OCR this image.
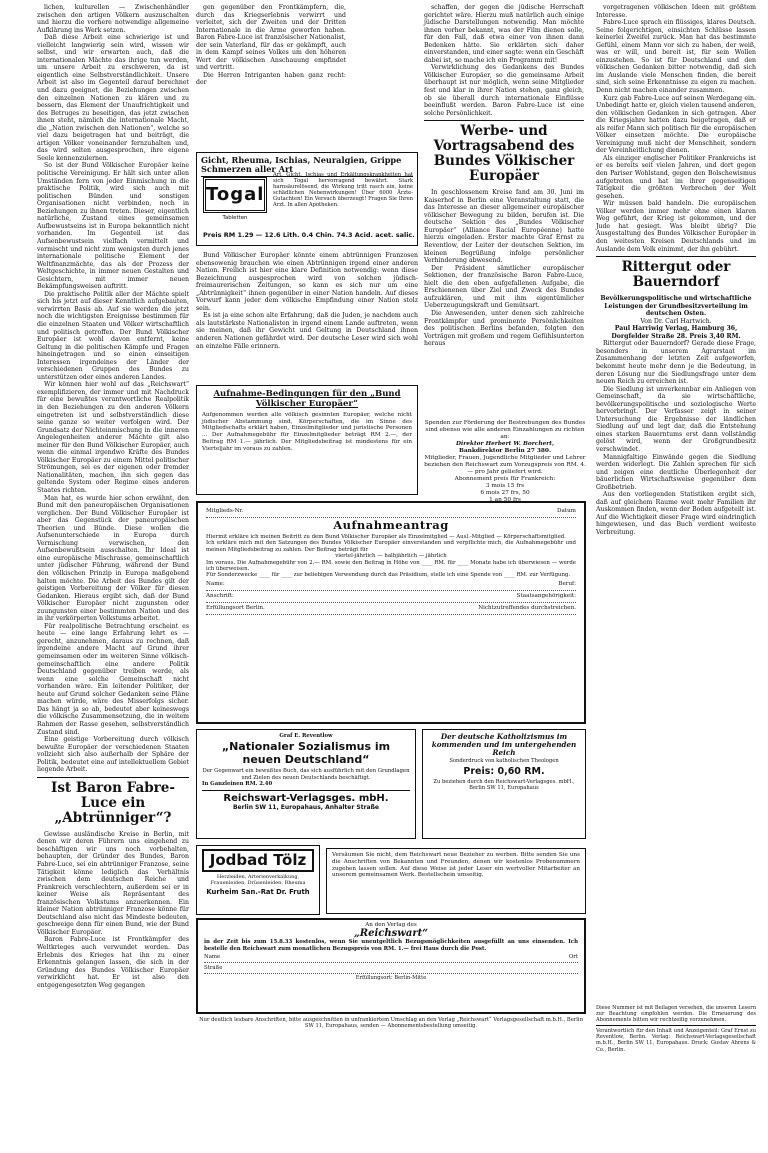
lichen, kulturellen — Zwischenhändler zwischen den artigen Völkern auszuschalten und hierzu die vorhere notwendige allgemeine Aufklärung ins Werk setzen.

Daß diese Arbeit eine schwierige ist und vielleicht langwierig sein wird, wissen wir selbst, und wir erwarten auch, daß die internationalen Mächte das ihrige tun werden, um unsere Arbeit zu erschweren, da ist eigentlich eine Selbstverständlichkeit. Unsere Arbeit ist also im Gegenteil darauf berechnet und dazu geeignet, die Beziehungen zwischen den einzelnen Nationen zu klären und zu bessern, das Element der Unaufrichtigkeit und des Betruges zu beseitigen, das jetzt zwischen ihnen steht, nämlich die internationale Macht, die „Nation zwischen den Nationen“, welche so viel dazu beigetragen hat und beiträgt, die artigen Völker voneinander fernzuhalten und, das wird selten ausgesprochen, ihre eigene Seele kennenzulernen.

So ist der Bund Völkischer Europäer keine politische Vereinigung. Er hält sich unter allen Umständen fern von jeder Einmischung in die praktische Politik, wird sich auch mit politischen Bünden und sonstigen Organisationen nicht verbinden, noch in Beziehungen zu ihnen treten. Dieser, eigentlich natürliche, Zustand eines gemeinsamen Aufbewustseins ist in Europa bekanntlich nicht vorhanden. Im Gegenteil ist das Aufsenbewustsein vielfach vermittelt und vermischt und nicht zum wenigsten durch jenes internationale politische Element der Weltfinanzmächte, das als der Prozess der Weltgeschichte, in immer neuen Gestalten und Gesichtern, mit immer neuen Bekämpfungsweisen auftritt.

Die praktische Politik aller der Mächte spielt sich bis jetzt auf dieser Kenntlich aufgebauten, verwirrten Basis ab. Auf sie werden die jetzt noch die wichtigsten Ereignisse bestimmen für die einzelnen Staaten und Völker wirtschaftlich und politisch getroffen. Der Bund Völkischer Europäer ist wohl davon entfernt, keine Geltung in die politischen Kämpfe und Fragen hineingetragen und so einen einseitigen Interessen irgendeines der Länder der verschiedenen Gruppen des Bundes zu unterstützen oder eines anderen Landes.

Wir können hier wohl auf das „Reichswart“ exemplifizieren, der immer und mit Nachdruck für eine bewußtes verantwortliche Realpolitik in den Beziehungen zu den anderen Völkern eingetreten ist und selbstverständlich diese seine ganze so weiter verfolgen wird. Der Grundsatz der Nichteinmischung in die inneren Angelegenheiten anderer Mächte gilt also meiner für den Bund Völkischer Europäer, auch wenn die einmal irgendwo Kräfte des Bundes Völkischer Europäer zu einem Mittel politischer Strömungen, sei es der eigenen oder fremder Nationalitäten, machen, ihn sich gegen das geltende System oder Regime eines anderen Staates richten.

Man hat, es wurde hier schon erwähnt, den Bund mit den paneuropäischen Organisationen verglichen. Der Bund Völkischer Europäer ist aber das Gegenstück der paneuropäischen Theorien und Bünde. Diese wollen die Aufsenunterschiede in Europa durch Vermischung verwischen, den Aufsenbewußtsein ausschalten. Ihr Ideal ist eine europäische Mischrasse, gemeinschaftlich unter jüdischer Führung, während der Bund den völkischen Prinzip in Europa maßgebend halten möchte. Die Arbeit des Bundes gilt der geistigen Vorbereitung der Völker für diesen Gedanken. Hieraus ergibt sich, daß der Bund Völkischer Europäer nicht zugunsten oder zuungunsten einer bestimmten Nation und des in ihr verkörperten Volkstums arbeitet.

Für realpolitische Betrachtung erscheint es heute — eine lange Erfahrung lehrt es — gerecht, anzunehmen, daraus zu rechnen, daß irgendeine andere Macht auf Grund ihrer gemeinsamen oder im weiteren Sinne völkisch-gemeinschaftlich eine andere Politik Deutschland gegenüber treiben werde, als wenn eine solche Gemeinschaft nicht vorhanden wäre. Ein leitender Politiker, der heute auf Grund solcher Gedanken seine Pläne machen würde, wäre des Misserfolgs sicher. Das hängt ja so ab, bedeutet aber keineswegs die völkische Zusammensetzung, die in weitem Rahmen der Rasse gesehen, selbstverständlich Zustand sind.

Eine geistige Vorbereitung durch völkisch bewußte Europäer der verschiedenen Staaten vollzieht sich also außerhalb der Sphäre der Politik, bedeutet eine auf intellektuellem Gebiet liegende Arbeit.

Ist Baron Fabre-Luce ein „Abtrünniger“?

Gewisse ausländische Kreise in Berlin, mit denen wir deren Führern uns eingehend zu beschäftigen wir uns noch vorbehalten, behaupten, der Gründer des Bundes, Baron Fabre-Luce, sei ein abtrünniger Franzose, seine Tätigkeit könne lediglich das Verhältnis zwischen dem deutschen Reiche und Frankreich verschlechtern, außerdem sei er in keiner Weise als Repräsentant des französischen Volkstums anzuerkennen. Ein kleiner Nation abtrünniger Franzose könne für Deutschland also nicht das Mindeste bedeuten, geschweige denn für einen Bund, wie der Bund Völkischer Europäer.

Baron Fabre-Luce ist Frontkämpfer des Weltkrieges auch verwundet worden. Das Erlebnis des Krieges hat ihn zu einer Erkenntnis gelangen lassen, die sich in der Gründung des Bundes Völkischer Europäer verwirklicht hat. Er ist also den entgegengesetzten Weg gegangen

gen gegenüber den Frontkämpfern, die, durch das Kriegserlebnis verwirrt und verleitet, sich der Zweiten und der Dritten Internationale in die Arme geworfen haben. Baron Fabre-Luce ist französischer Nationalist, der sein Vaterland, für das er gekämpft, auch in dem Kampf seines Volkes um den höheren Wert der völkischen Anschauung empfindet und vertritt.

Die Herren Intriganten haben ganz recht: der

Gicht, Rheuma, Ischias, Neuralgien, Grippe Schmerzen aller Art
Togal
Tabletten
Art, Gicht, Ischias und Erkältungskrankheiten hat sich Togal hervorragend bewährt. Stark harnsäurelösend, die Wirkung tritt rasch ein, keine schädlichen Nebenwirkungen! Über 6000 Ärzte-Gutachten! Ein Versuch überzeugt! Fragen Sie Ihren Arzt. In allen Apotheken.
Preis RM 1.29 — 12.6 Lith. 0.4 Chin. 74.3 Acid. acet. salic.

Bund Völkischer Europäer könnte einem abtrünnigen Franzosen ebensowenig brauchen wie einen Abtrünnigen irgend einer anderen Nation. Freilich ist hier eine klare Definition notwendig: wenn diese Bezeichnung ausgesprochen wird von solchen jüdisch-freimaurerischen Zeitungen, so kann es sich nur um eine „Abtrünnigkeit“ ihnen gegenüber in einer Nation handeln. Auf dieses Vorwurf kann jeder dem völkische Empfindung einer Nation stolz sein.

Es ist ja eine schon alte Erfahrung, daß die Juden, je nachdem auch als lautstärkste Nationalisten in irgend einem Lande auftreten, wenn sie meinen, daß ihr Gewicht und Geltung in Deutschland ihnen anderen Nationen gefährdet wird. Der deutsche Leser wird sich wohl an einzelne Fälle erinnern.

Aufnahme-Bedingungen für den „Bund Völkischer Europäer“
Aufgenommen werden alle völkisch gesinnten Europäer, welche nicht jüdischer Abstammung sind, Körperschaften, die im Sinne des Mitgliedschafts erklärt haben, Einzelmitglieder und juristische Personen ... Der Aufnahmegebühr für Einzelmitglieder beträgt RM 2.—, der Beitrag RM 1.— jährlich. Der Mitgliedsbeitrag ist mindestens für ein Vierteljahr im voraus zu zahlen.

schaffen, der gegen die jüdische Herrschaft gerichtet wäre. Hierzu muß natürlich auch einige jüdische Darstellungen notwendig. Man möchte ihnen vorher bekannt, was der Film dienen solle, für den Fall, daß etwa einer von ihnen dann Bedenken hätte. Sie erklärten sich daher einverstanden, und einer sagte: wenn ein Geschäft dabei ist, so mache ich ein Programm mit!

Verwirklichung des Gedankens des Bundes Völkischer Europäer, so die gemeinsame Arbeit überhaupt ist nur möglich, wenn seine Mitglieder fest und klar in ihrer Nation stehen, ganz gleich, ob sie überall durch internationale Einflüsse beeinflußt werden. Baron Fabre-Luce ist eine solche Persönlichkeit.

Werbe- und Vortragsabend des Bundes Völkischer Europäer

In geschlossenem Kreise fand am 30. Juni im Kaiserhof in Berlin eine Veranstaltung statt, die das Interesse an dieser allgemeiner europäischer völkischer Bewegung zu bilden, berufen ist. Die deutsche Sektion des „Bundes Völkischer Europäer“ (Alliance Racial Européenne) hatte hierzu eingeladen. Erster machte Graf Ernst zu Reventlow, der Leiter der deutschen Sektion, im kleinen Begrüßung infolge persönlicher Verhinderung abwesend.

Der Präsident sämtlicher europäischer Sektionen, der französische Baron Fabre-Luce, hielt die den eben aufgefallenen Aufgabe, die Erschienenen über Ziel und Zweck des Bundes aufzuklären, und mit ihm eigentümlicher Ueberzeugungskraft und Gemütsart.

Die Anwesenden, unter denen sich zahlreiche Frontkämpfer und prominente Persönlichkeiten des politischen Berlins befanden, folgten den Vorträgen mit großem und regem Gefühlsunterton heraus

Spenden zur Förderung der Bestrebungen des Bundes sind ebenso wie alle anderen Einzahlungen zu richten an:
Direktor Herbert W. Borchert,
Bankdirektor Berlin 27 380.
Mitglieder, Frauen, Jugendliche Mitglieder und Lehrer beziehen den Reichswart zum Vorzugspreis von RM. 4.— pro Jahr geliefert wird.
Abonnement preis für Frankreich:
3 mois 15 frs
6 mois 27 frs, 50
1 an 50 frs
Mitglieds-Nr.	Datum
Aufnahmeantrag
Hiermit erkläre ich meinen Beitritt zu dem Bund Völkischer Europäer als Einzelmitglied — Ausl.-Mitglied — Körperschaftsmitglied.
Ich erkläre mich mit den Satzungen des Bundes Völkischer Europäer einverstanden und verpflichte mich, die Aufnahmegebühr und meinen Mitgliedsbeitrag zu zahlen. Der Beitrag beträgt für
viertel-jährlich — halbjährlich — jährlich
Im voraus. Die Aufnahmegebühr von 2.— RM. sowie den Beitrag in Höhe von ____ RM. für ____ Monate habe ich überwiesen — werde ich überweisen.
Für Sonderzwecke ____ für ____ zur beliebigen Verwendung durch das Präsidium, stelle ich eine Spende von ____ RM. zur Verfügung.
Name:	Beruf:
Anschrift:	Staatsangehörigkeit:
Erfüllungsort Berlin.	Nichtzutreffendes durchstreichen.
Graf E. Reventlow
„Nationaler Sozialismus im neuen Deutschland“
Der Gegenwart ein bewußtes Buch, das sich ausführlich mit den Grundlagen und Zielen des neuen Deutschlands beschäftigt.
In Ganzleinen RM. 2.40
Reichswart-Verlagsges. mbH.
Berlin SW 11, Europahaus, Anhalter Straße
Der deutsche Katholizismus im kommenden und im untergehenden Reich
Sonderdruck von katholischen Theologen
Preis: 0,60 RM.
Zu beziehen durch den Reichswart-Verlagsges. mbH., Berlin SW 11, Europahaus
Jodbad Tölz
Herzleiden, Arterienverkalkung, Frauenleiden, Drüsenleiden, Rheuma
Kurheim San.-Rat Dr. Fruth
Versäumen Sie nicht, dem Reichswart neue Bezieher zu werben. Bitte senden Sie uns die Anschriften von Bekannten und Freunden, denen wir kostenlos Probenummern zugehen lassen sollen. Auf diese Weise ist jeder Leser ein wertvoller Mitarbeiter an unserem gemeinsamen Werk. Bestellschein umseitig.
An den Verlag des
„Reichswart“
in der Zeit bis zum 15.8.33 kostenlos, wenn Sie unentgeltlich Bezugsmöglichkeiten ausgefüllt an uns einsenden. Ich bestelle den Reichswart zum monatlichen Bezugspreis von RM. 1.— frei Haus durch die Post.
Name	Ort
Straße
Erfüllungsort: Berlin-Mitte
Nur deutlich lesbare Anschriften, bitte ausgeschnitten in unfrankiertem Umschlag an den Verlag „Reichswart“ Verlagsgesellschaft m.b.H., Berlin SW 11, Europahaus, senden — Abonnementsbestellung umseitig.

vorgetragenen völkischen Ideen mit größtem Interesse.

Fabre-Luce sprach ein flüssiges, klares Deutsch. Seine folgerichtigen, einsichten Schlüsse lassen keinerlei Zweifel zurück. Man hat das bestimmte Gefühl, einem Mann vor sich zu haben, der weiß, was er will, und bereit ist, für sein Wollen einzustehen. So ist für Deutschland und den völkischen Gedanken bitter notwendig, daß sich im Auslande viele Menschen finden, die bereit sind, sich seine Erkenntnisse zu eigen zu machen. Denn nicht machen einander zusammen.

Kurz gab Fabre-Luce auf seinen Werdegang ein. Unbedingt hatte er, gleich vielen tausend anderen, den völkischen Gedanken in sich getragen. Aber die Kriegsjahre hatten dazu beigetragen, daß er als reifer Mann sich politisch für die europäischen Völker einsetzen möchte. Die europäische Vereinigung muß nicht der Menschheit, sondern der Vereinheitlichung dienen.

Als einziger englischer Politiker Frankreichs ist er es bereits seit vielen Jahren, und dort gegen den Pariser Wohlstand, gegen den Bolschewismus aufgetreten und hat im ihrer gegenseitigen Tätigkeit die größten Verbrechen der Welt gesehen.

Wir müssen bald handeln. Die europäischen Völker werden immer mehr ohne einen klaren Weg geführt, der Krieg ist gekommen, und der Jude hat gesiegt. Was bleibt übrig? Die Ausgestaltung des Bundes Völkischer Europäer in den weitesten Kreisen Deutschlands und im Auslande dem Volk einimmt, der ihn gebührt.

Rittergut oder Bauerndorf
Bevölkerungspolitische und wirtschaftliche Leistungen der Grundbesitzverteilung im deutschen Osten.
Von Dr. Carl Hartwich.
Paul Harriwig Verlag, Hamburg 36, Dorgfelder Straße 28. Preis 3,40 RM.

Rittergut oder Bauerndorf? Gerade diese Frage, besonders in unserem Agrarstaat im Zusammenhang der letzten Zeit aufgeworfen, bekommt heute mehr denn je die Bedeutung, in deren Lösung nur die Siedlungsfrage unter dem neuen Reich zu erreichen ist.

Die Siedlung ist unverkennbar ein Anliegen von Gemeinschaft, da sie wirtschaftliche, bevölkerungspolitische und soziologische Werte hervorbringt. Der Verfasser zeigt in seiner Untersuchung die Ergebnisse der ländlichen Siedlung auf und legt dar, daß die Entstehung eines starken Bauerntums erst dann vollständig gelöst wird, wenn der Großgrundbesitz verschwindet.

Mannigfaltige Einwände gegen die Siedlung werden widerlegt. Die Zahlen sprechen für sich und zeigen eine deutliche Überlegenheit der bäuerlichen Wirtschaftsweise gegenüber dem Großbetrieb.

Aus den vorliegenden Statistiken ergibt sich, daß auf gleichem Raume weit mehr Familien ihr Auskommen finden, wenn der Boden aufgeteilt ist. Auf die Wichtigkeit dieser Frage wird eindringlich hingewiesen, und das Buch verdient weiteste Verbreitung.

Diese Nummer ist mit Beilagen versehen, die unseren Lesern zur Beachtung empfohlen werden. Die Erneuerung des Abonnements bitten wir rechtzeitig vorzunehmen.
Verantwortlich für den Inhalt und Anzeigenteil: Graf Ernst zu Reventlow, Berlin. Verlag: Reichswart-Verlagsgesellschaft m.b.H., Berlin SW 11, Europahaus. Druck: Gustav Ahrens & Co., Berlin.
